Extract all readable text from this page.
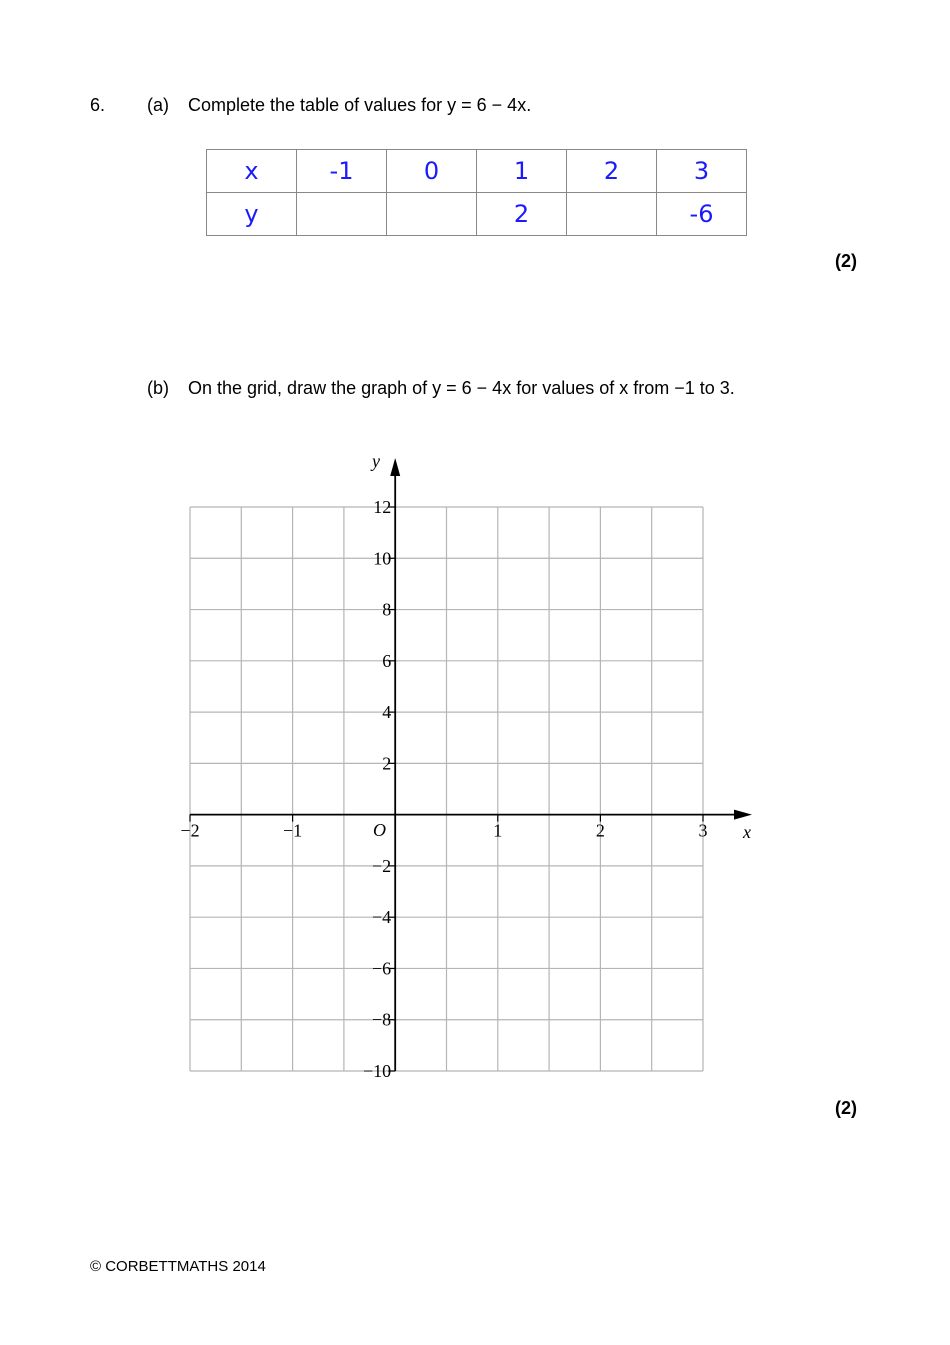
6. (a) Complete the table of values for y = 6 − 4x.
x	-1	0	1	2	3
y			2		-6
(2)
(b) On the grid, draw the graph of y = 6 − 4x for values of x from −1 to 3.
−2	−1	1	2	3
12
10
8
6
4
2
−2
−4
−6
−8
−10
x
y
O
(2)
© CORBETTMATHS 2014
